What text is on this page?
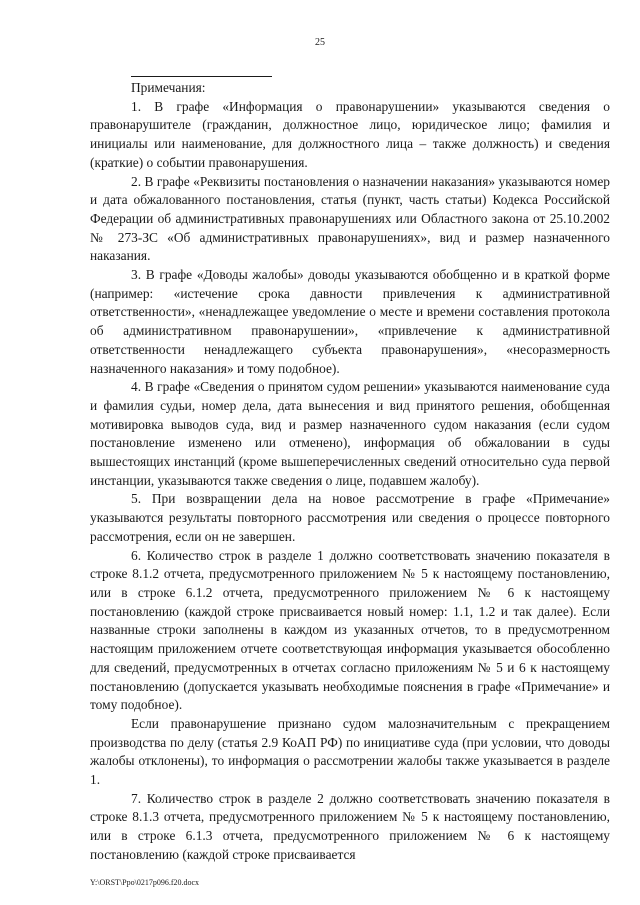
25

Примечания:

1. В графе «Информация о правонарушении» указываются сведения о правонарушителе (гражданин, должностное лицо, юридическое лицо; фамилия и инициалы или наименование, для должностного лица – также должность) и сведения (краткие) о событии правонарушения.

2. В графе «Реквизиты постановления о назначении наказания» указываются номер и дата обжалованного постановления, статья (пункт, часть статьи) Кодекса Российской Федерации об административных правонарушениях или Областного закона от 25.10.2002 № 273-ЗС «Об административных правонарушениях», вид и размер назначенного наказания.

3. В графе «Доводы жалобы» доводы указываются обобщенно и в краткой форме (например: «истечение срока давности привлечения к административной ответственности», «ненадлежащее уведомление о месте и времени составления протокола об административном правонарушении», «привлечение к административной ответственности ненадлежащего субъекта правонарушения», «несоразмерность назначенного наказания» и тому подобное).

4. В графе «Сведения о принятом судом решении» указываются наименование суда и фамилия судьи, номер дела, дата вынесения и вид принятого решения, обобщенная мотивировка выводов суда, вид и размер назначенного судом наказания (если судом постановление изменено или отменено), информация об обжаловании в суды вышестоящих инстанций (кроме вышеперечисленных сведений относительно суда первой инстанции, указываются также сведения о лице, подавшем жалобу).

5. При возвращении дела на новое рассмотрение в графе «Примечание» указываются результаты повторного рассмотрения или сведения о процессе повторного рассмотрения, если он не завершен.

6. Количество строк в разделе 1 должно соответствовать значению показателя в строке 8.1.2 отчета, предусмотренного приложением № 5 к настоящему постановлению, или в строке 6.1.2 отчета, предусмотренного приложением № 6 к настоящему постановлению (каждой строке присваивается новый номер: 1.1, 1.2 и так далее). Если названные строки заполнены в каждом из указанных отчетов, то в предусмотренном настоящим приложением отчете соответствующая информация указывается обособленно для сведений, предусмотренных в отчетах согласно приложениям № 5 и 6 к настоящему постановлению (допускается указывать необходимые пояснения в графе «Примечание» и тому подобное).

Если правонарушение признано судом малозначительным с прекращением производства по делу (статья 2.9 КоАП РФ) по инициативе суда (при условии, что доводы жалобы отклонены), то информация о рассмотрении жалобы также указывается в разделе 1.

7. Количество строк в разделе 2 должно соответствовать значению показателя в строке 8.1.3 отчета, предусмотренного приложением № 5 к настоящему постановлению, или в строке 6.1.3 отчета, предусмотренного приложением № 6 к настоящему постановлению (каждой строке присваивается

Y:\ORST\Ppo\0217p096.f20.docx
